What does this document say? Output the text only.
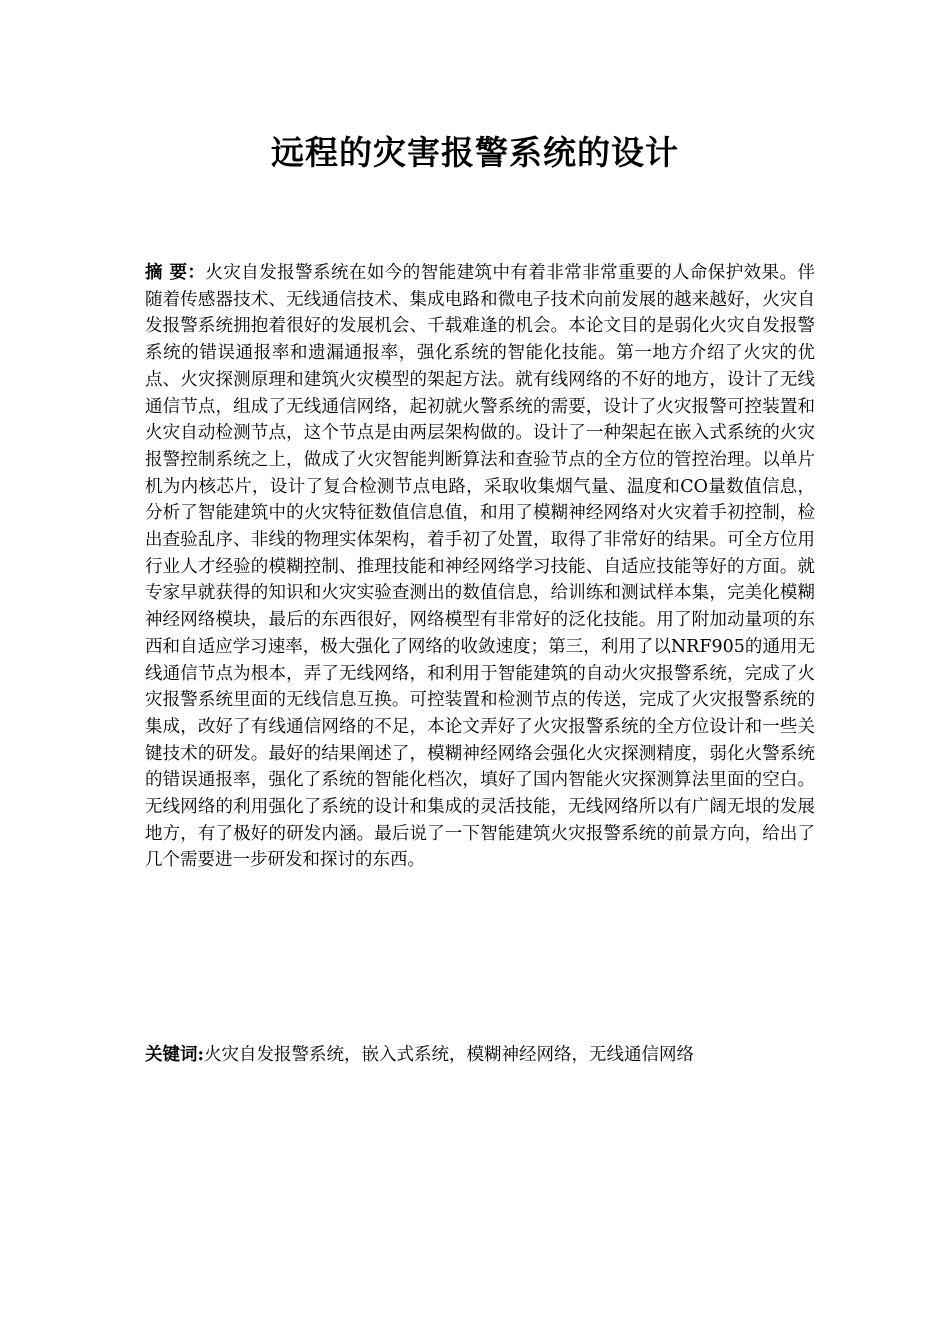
远程的灾害报警系统的设计

摘 要：火灾自发报警系统在如今的智能建筑中有着非常非常重要的人命保护效果。伴随着传感器技术、无线通信技术、集成电路和微电子技术向前发展的越来越好，火灾自发报警系统拥抱着很好的发展机会、千载难逢的机会。本论文目的是弱化火灾自发报警系统的错误通报率和遗漏通报率，强化系统的智能化技能。第一地方介绍了火灾的优点、火灾探测原理和建筑火灾模型的架起方法。就有线网络的不好的地方，设计了无线通信节点，组成了无线通信网络，起初就火警系统的需要，设计了火灾报警可控装置和火灾自动检测节点，这个节点是由两层架构做的。设计了一种架起在嵌入式系统的火灾报警控制系统之上，做成了火灾智能判断算法和查验节点的全方位的管控治理。以单片机为内核芯片，设计了复合检测节点电路，采取收集烟气量、温度和CO量数值信息，分析了智能建筑中的火灾特征数值信息值，和用了模糊神经网络对火灾着手初控制，检出查验乱序、非线的物理实体架构，着手初了处置，取得了非常好的结果。可全方位用行业人才经验的模糊控制、推理技能和神经网络学习技能、自适应技能等好的方面。就专家早就获得的知识和火灾实验查测出的数值信息，给训练和测试样本集，完美化模糊神经网络模块，最后的东西很好，网络模型有非常好的泛化技能。用了附加动量项的东西和自适应学习速率，极大强化了网络的收敛速度；第三，利用了以NRF905的通用无线通信节点为根本，弄了无线网络，和利用于智能建筑的自动火灾报警系统，完成了火灾报警系统里面的无线信息互换。可控装置和检测节点的传送，完成了火灾报警系统的集成，改好了有线通信网络的不足，本论文弄好了火灾报警系统的全方位设计和一些关键技术的研发。最好的结果阐述了，模糊神经网络会强化火灾探测精度，弱化火警系统的错误通报率，强化了系统的智能化档次，填好了国内智能火灾探测算法里面的空白。无线网络的利用强化了系统的设计和集成的灵活技能，无线网络所以有广阔无垠的发展地方，有了极好的研发内涵。最后说了一下智能建筑火灾报警系统的前景方向，给出了几个需要进一步研发和探讨的东西。

关键词:火灾自发报警系统，嵌入式系统，模糊神经网络，无线通信网络
